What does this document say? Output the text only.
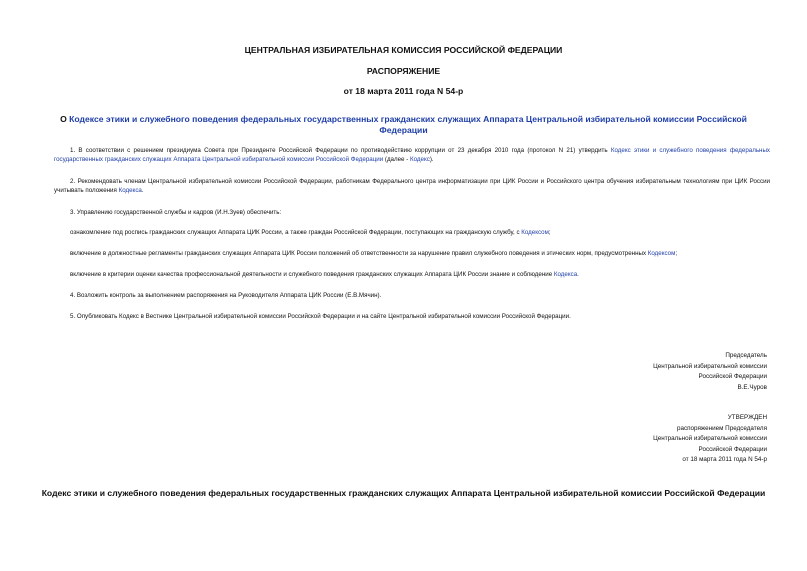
ЦЕНТРАЛЬНАЯ ИЗБИРАТЕЛЬНАЯ КОМИССИЯ РОССИЙСКОЙ ФЕДЕРАЦИИ
РАСПОРЯЖЕНИЕ
от 18 марта 2011 года N 54-р
О Кодексе этики и служебного поведения федеральных государственных гражданских служащих Аппарата Центральной избирательной комиссии Российской Федерации
1. В соответствии с решением президиума Совета при Президенте Российской Федерации по противодействию коррупции от 23 декабря 2010 года (протокол N 21) утвердить Кодекс этики и служебного поведения федеральных государственных гражданских служащих Аппарата Центральной избирательной комиссии Российской Федерации (далее - Кодекс).
2. Рекомендовать членам Центральной избирательной комиссии Российской Федерации, работникам Федерального центра информатизации при ЦИК России и Российского центра обучения избирательным технологиям при ЦИК России учитывать положения Кодекса.
3. Управлению государственной службы и кадров (И.Н.Зуев) обеспечить:
ознакомление под роспись гражданских служащих Аппарата ЦИК России, а также граждан Российской Федерации, поступающих на гражданскую службу, с Кодексом;
включение в должностные регламенты гражданских служащих Аппарата ЦИК России положений об ответственности за нарушение правил служебного поведения и этических норм, предусмотренных Кодексом;
включение в критерии оценки качества профессиональной деятельности и служебного поведения гражданских служащих Аппарата ЦИК России знание и соблюдение Кодекса.
4. Возложить контроль за выполнением распоряжения на Руководителя Аппарата ЦИК России (Е.В.Мячин).
5. Опубликовать Кодекс в Вестнике Центральной избирательной комиссии Российской Федерации и на сайте Центральной избирательной комиссии Российской Федерации.
Председатель
Центральной избирательной комиссии
Российской Федерации
В.Е.Чуров
УТВЕРЖДЕН
распоряжением Председателя
Центральной избирательной комиссии
Российской Федерации
от 18 марта 2011 года N 54-р
Кодекс этики и служебного поведения федеральных государственных гражданских служащих Аппарата Центральной избирательной комиссии Российской Федерации
